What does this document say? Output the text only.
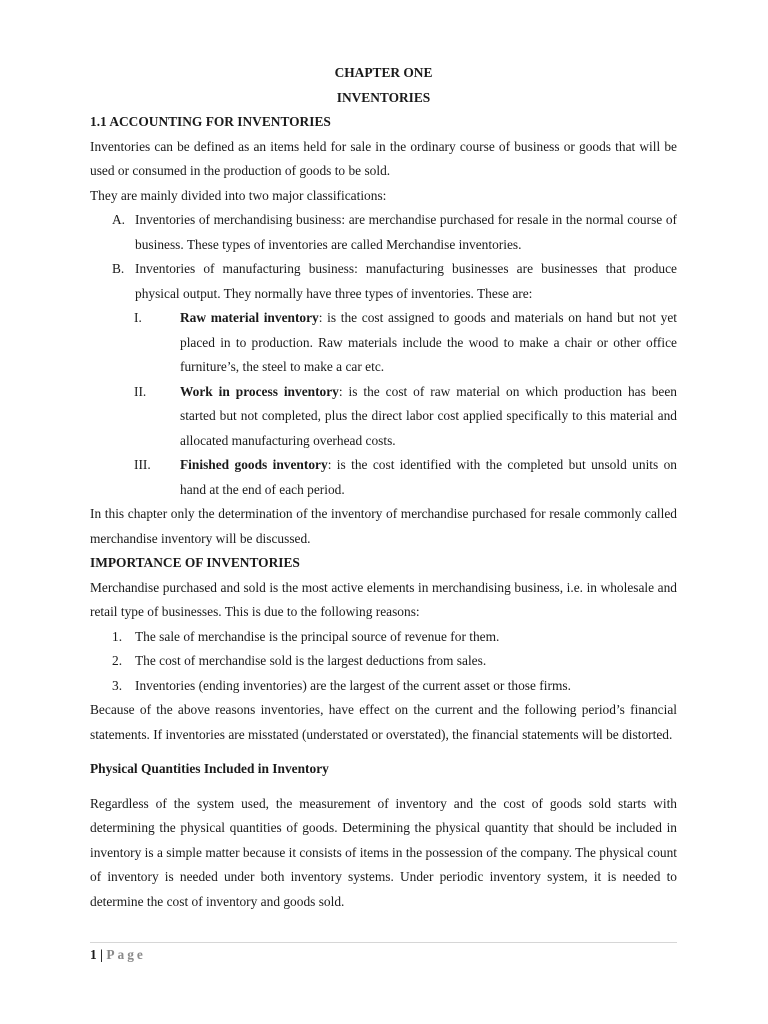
CHAPTER ONE

INVENTORIES

1.1 ACCOUNTING FOR INVENTORIES

Inventories can be defined as an items held for sale in the ordinary course of business or goods that will be used or consumed in the production of goods to be sold.

They are mainly divided into two major classifications:

A. Inventories of merchandising business: are merchandise purchased for resale in the normal course of business. These types of inventories are called Merchandise inventories.
B. Inventories of manufacturing business: manufacturing businesses are businesses that produce physical output. They normally have three types of inventories. These are:
I.	Raw material inventory: is the cost assigned to goods and materials on hand but not yet placed in to production. Raw materials include the wood to make a chair or other office furniture’s, the steel to make a car etc.
II.	Work in process inventory: is the cost of raw material on which production has been started but not completed, plus the direct labor cost applied specifically to this material and allocated manufacturing overhead costs.
III.	Finished goods inventory: is the cost identified with the completed but unsold units on hand at the end of each period.

In this chapter only the determination of the inventory of merchandise purchased for resale commonly called merchandise inventory will be discussed.

IMPORTANCE OF INVENTORIES

Merchandise purchased and sold is the most active elements in merchandising business, i.e. in wholesale and retail type of businesses. This is due to the following reasons:

1. The sale of merchandise is the principal source of revenue for them.
2. The cost of merchandise sold is the largest deductions from sales.
3. Inventories (ending inventories) are the largest of the current asset or those firms.

Because of the above reasons inventories, have effect on the current and the following period’s financial statements. If inventories are misstated (understated or overstated), the financial statements will be distorted.

Physical Quantities Included in Inventory

Regardless of the system used, the measurement of inventory and the cost of goods sold starts with determining the physical quantities of goods. Determining the physical quantity that should be included in inventory is a simple matter because it consists of items in the possession of the company. The physical count of inventory is needed under both inventory systems. Under periodic inventory system, it is needed to determine the cost of inventory and goods sold.

1 | Page
